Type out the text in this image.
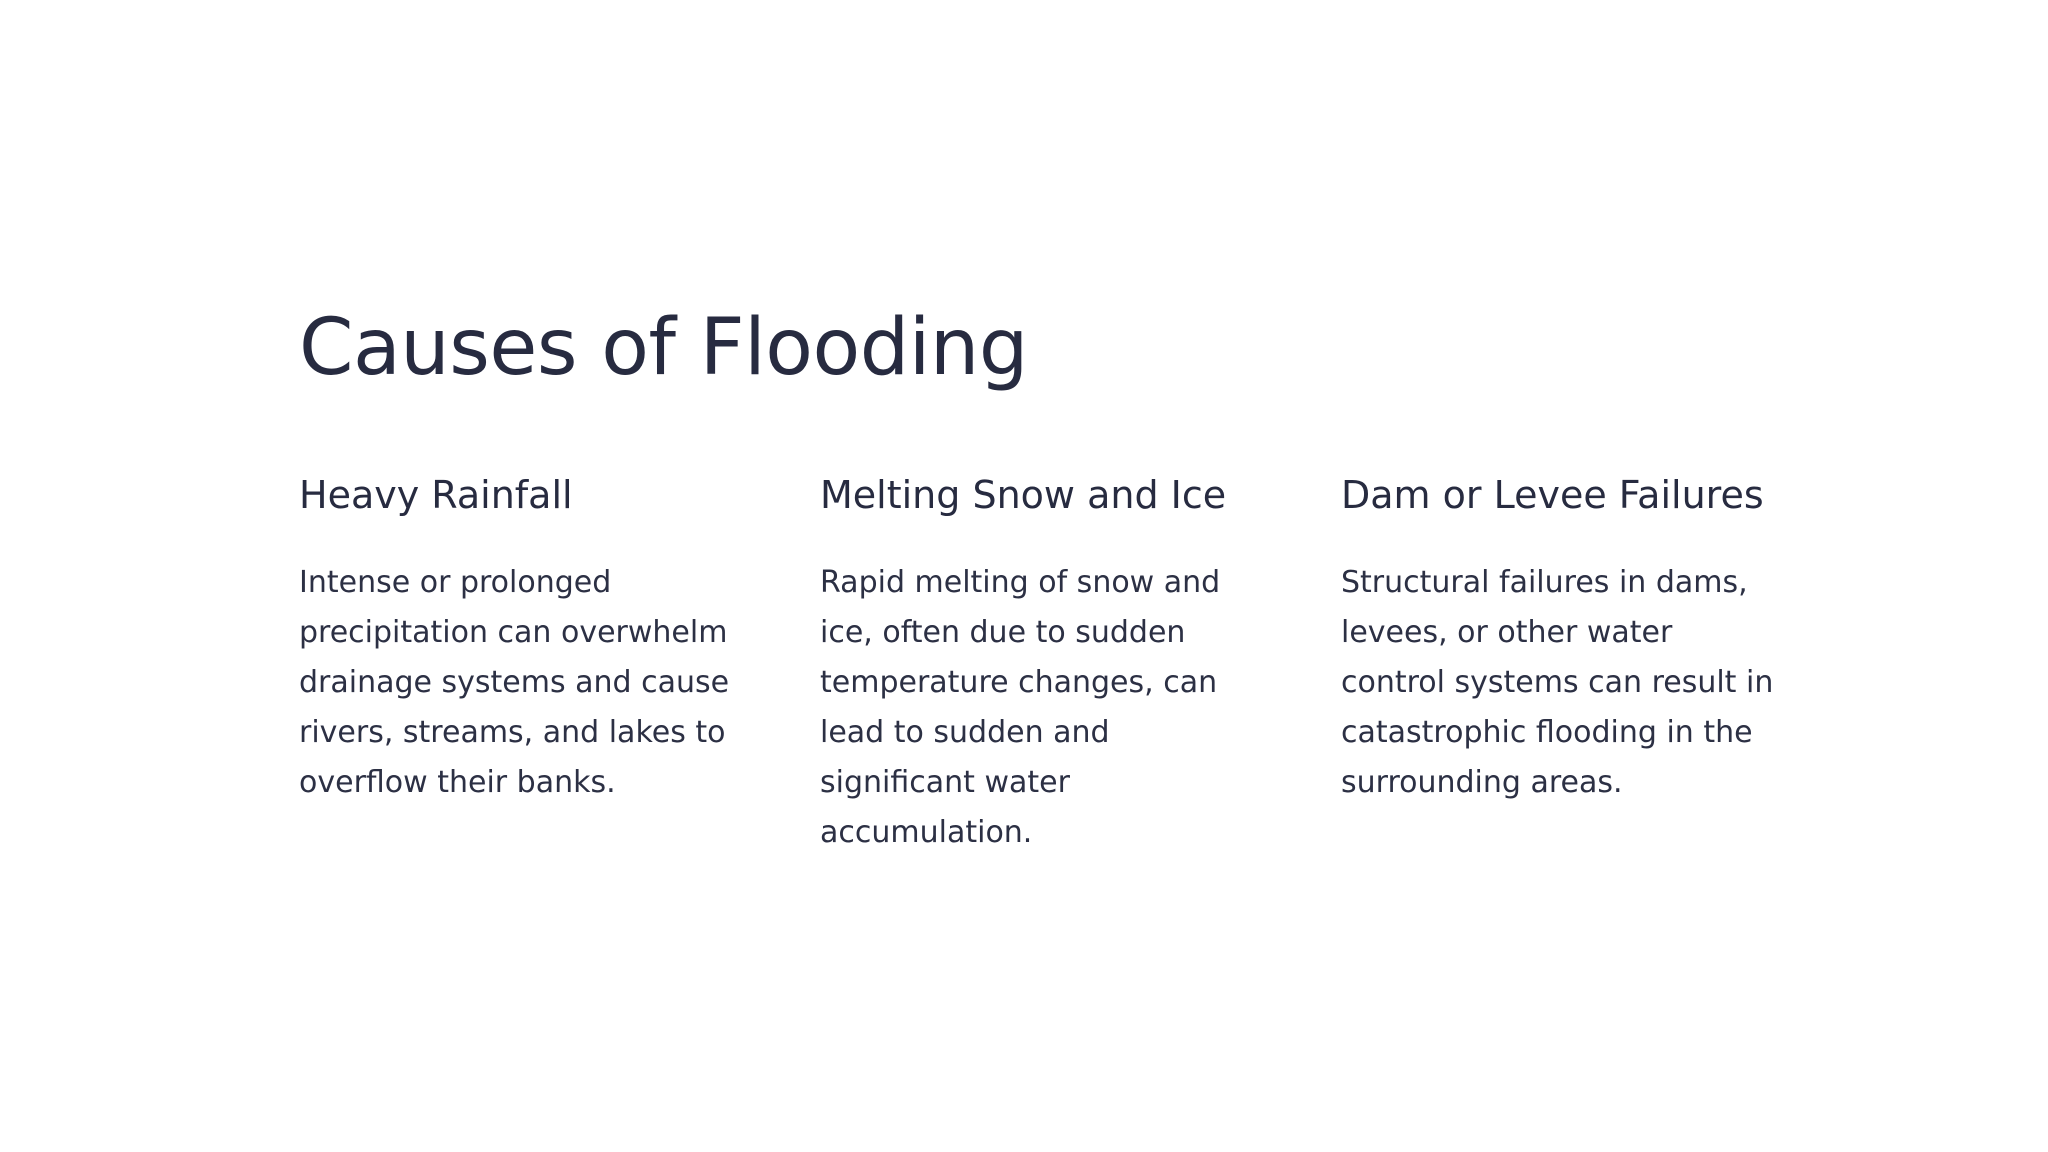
Causes of Flooding
Heavy Rainfall

Intense or prolonged
precipitation can overwhelm
drainage systems and cause
rivers, streams, and lakes to
overflow their banks.

Melting Snow and Ice

Rapid melting of snow and
ice, often due to sudden
temperature changes, can
lead to sudden and
significant water
accumulation.

Dam or Levee Failures

Structural failures in dams,
levees, or other water
control systems can result in
catastrophic flooding in the
surrounding areas.
